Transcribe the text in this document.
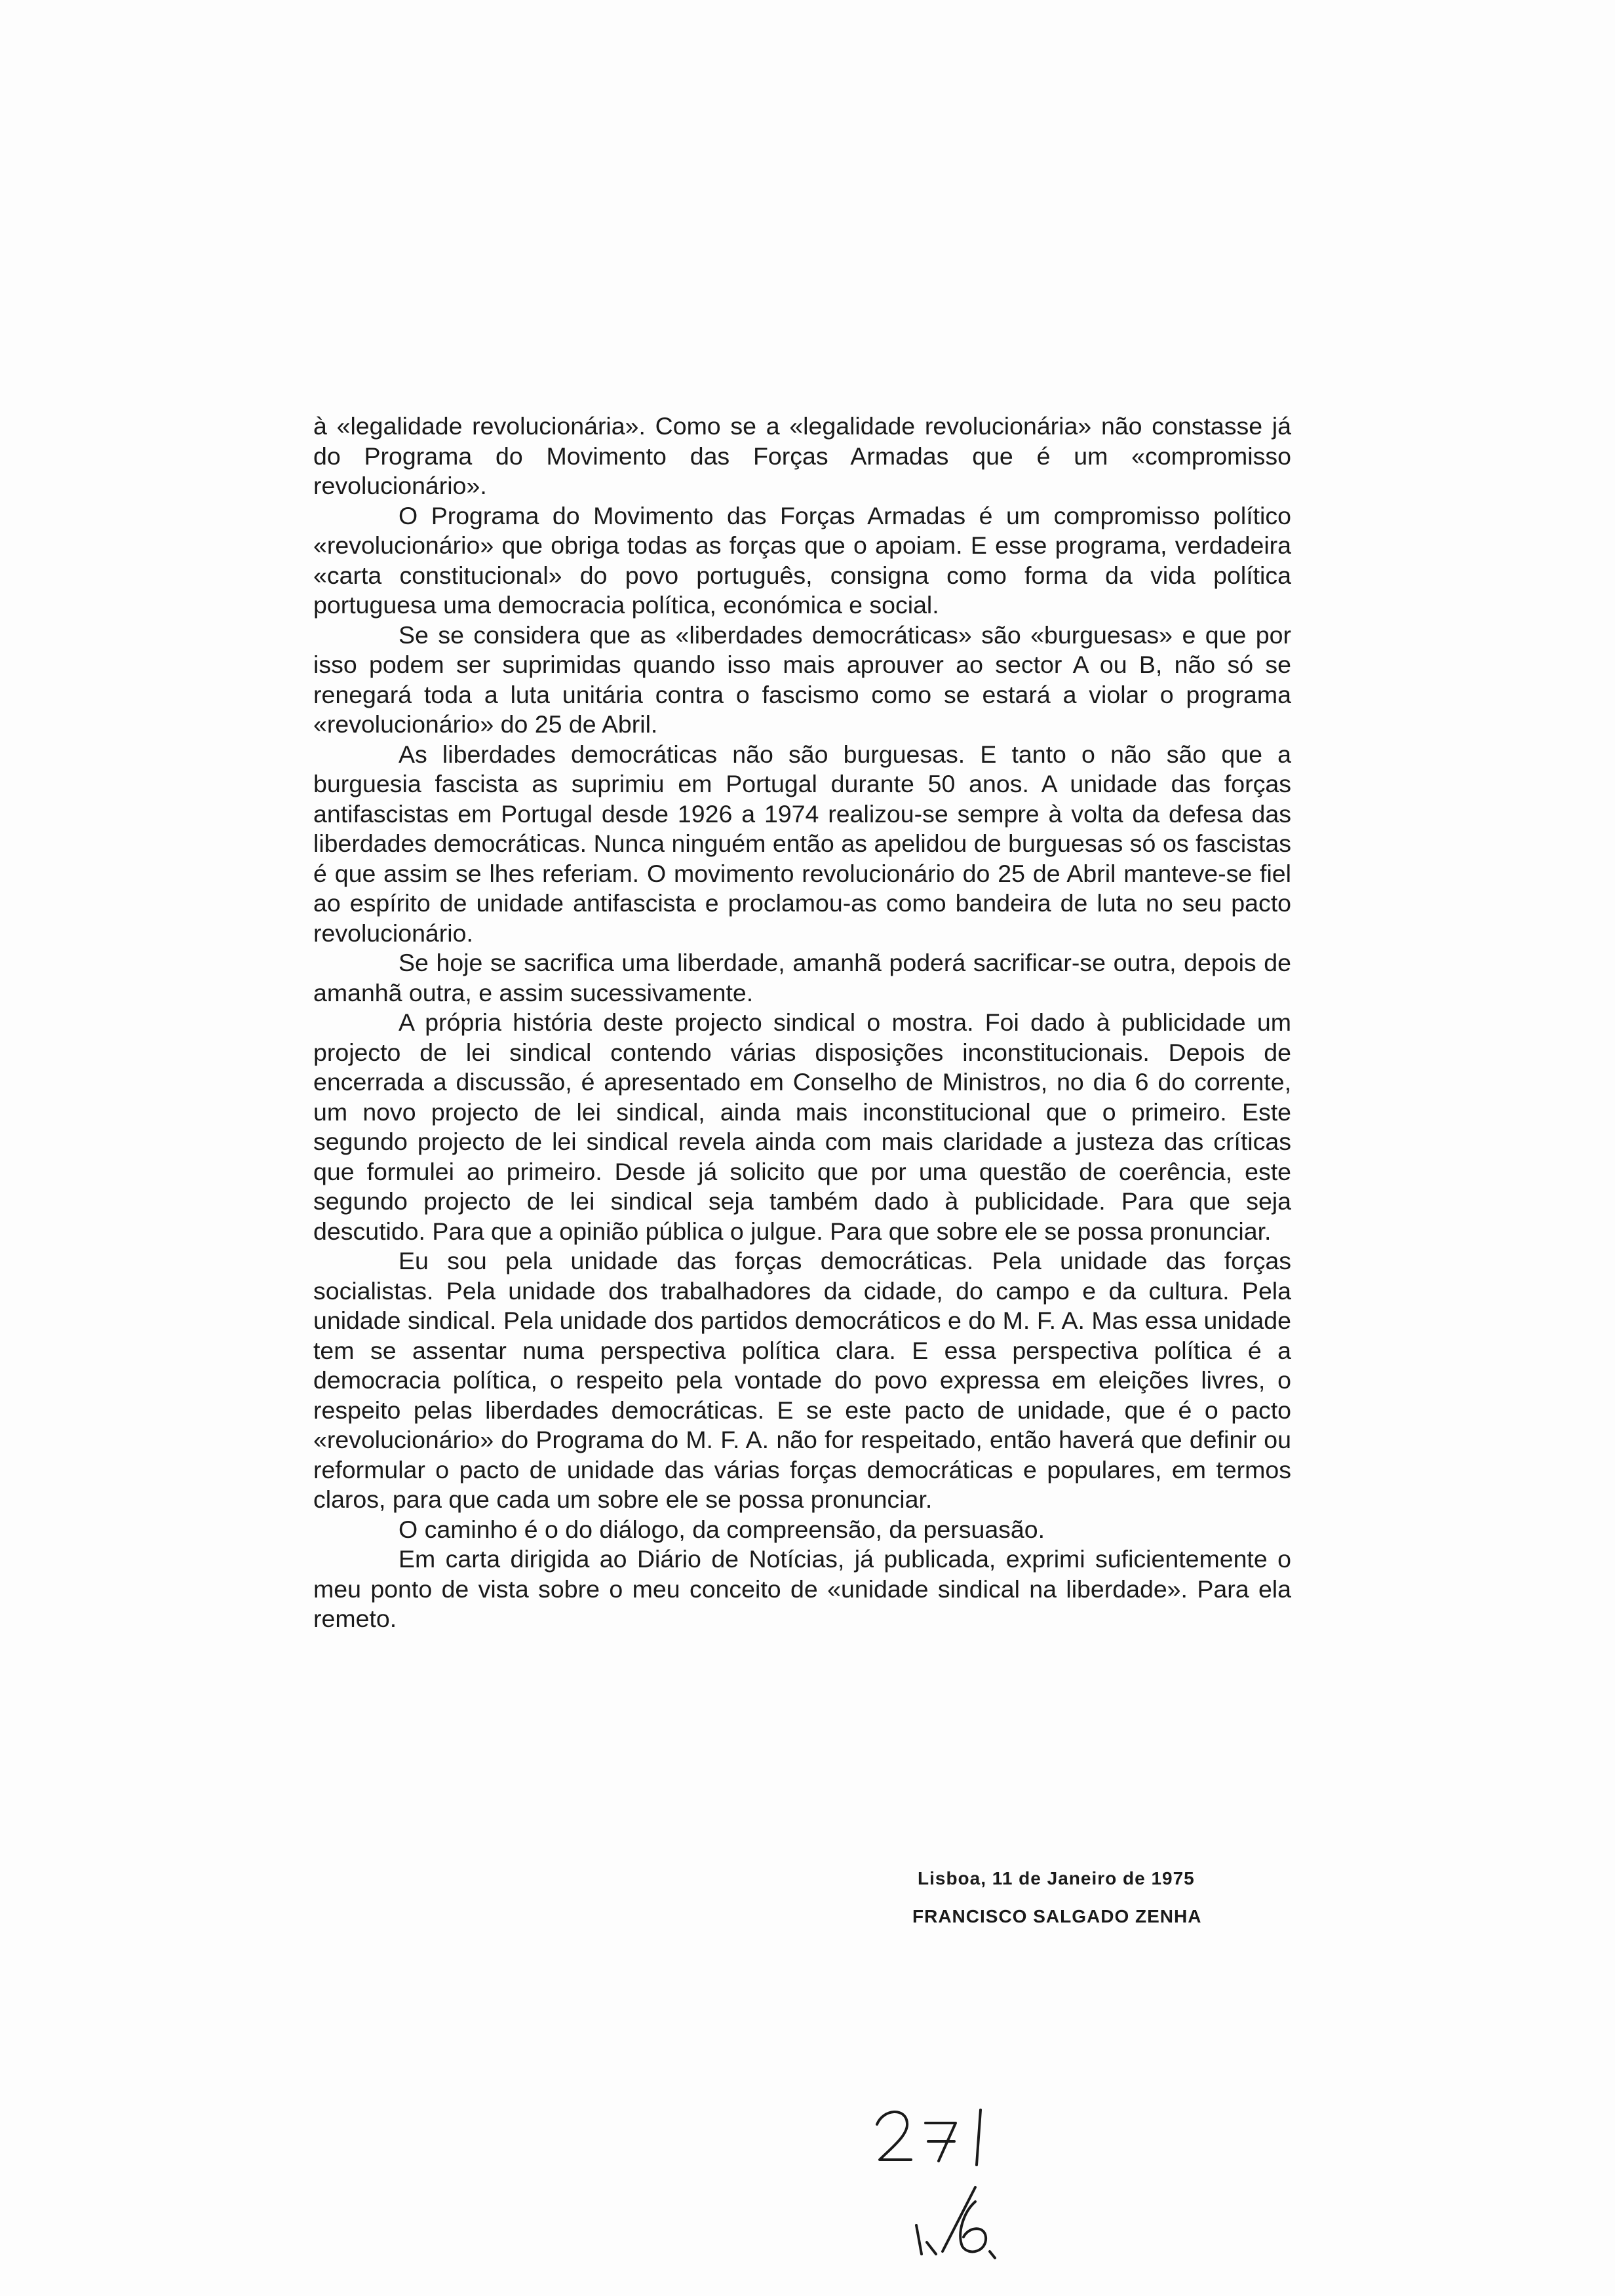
à «legalidade revolucionária». Como se a «legalidade revolucionária» não constasse já do Programa do Movimento das Forças Armadas que é um «compromisso revolucionário».

O Programa do Movimento das Forças Armadas é um compromisso político «revolucionário» que obriga todas as forças que o apoiam. E esse programa, verdadeira «carta constitucional» do povo português, consigna como forma da vida política portuguesa uma democracia política, económica e social.

Se se considera que as «liberdades democráticas» são «burguesas» e que por isso podem ser suprimidas quando isso mais aprouver ao sector A ou B, não só se renegará toda a luta unitária contra o fascismo como se estará a violar o programa «revolucionário» do 25 de Abril.

As liberdades democráticas não são burguesas. E tanto o não são que a burguesia fascista as suprimiu em Portugal durante 50 anos. A unidade das forças antifascistas em Portugal desde 1926 a 1974 realizou-se sempre à volta da defesa das liberdades democráticas. Nunca ninguém então as apelidou de burguesas só os fascistas é que assim se lhes referiam. O movimento revolucionário do 25 de Abril manteve-se fiel ao espírito de unidade antifascista e proclamou-as como bandeira de luta no seu pacto revolucionário.

Se hoje se sacrifica uma liberdade, amanhã poderá sacrificar-se outra, depois de amanhã outra, e assim sucessivamente.

A própria história deste projecto sindical o mostra. Foi dado à publicidade um projecto de lei sindical contendo várias disposições inconstitucionais. Depois de encerrada a discussão, é apresentado em Conselho de Ministros, no dia 6 do corrente, um novo projecto de lei sindical, ainda mais inconstitucional que o primeiro. Este segundo projecto de lei sindical revela ainda com mais claridade a justeza das críticas que formulei ao primeiro. Desde já solicito que por uma questão de coerência, este segundo projecto de lei sindical seja também dado à publicidade. Para que seja descutido. Para que a opinião pública o julgue. Para que sobre ele se possa pronunciar.

Eu sou pela unidade das forças democráticas. Pela unidade das forças socialistas. Pela unidade dos trabalhadores da cidade, do campo e da cultura. Pela unidade sindical. Pela unidade dos partidos democráticos e do M. F. A. Mas essa unidade tem se assentar numa perspectiva política clara. E essa perspectiva política é a democracia política, o respeito pela vontade do povo expressa em eleições livres, o respeito pelas liberdades democráticas. E se este pacto de unidade, que é o pacto «revolucionário» do Programa do M. F. A. não for respeitado, então haverá que definir ou reformular o pacto de unidade das várias forças democráticas e populares, em termos claros, para que cada um sobre ele se possa pronunciar.

O caminho é o do diálogo, da compreensão, da persuasão.

Em carta dirigida ao Diário de Notícias, já publicada, exprimi suficientemente o meu ponto de vista sobre o meu conceito de «unidade sindical na liberdade». Para ela remeto.

Lisboa, 11 de Janeiro de 1975
FRANCISCO SALGADO ZENHA
